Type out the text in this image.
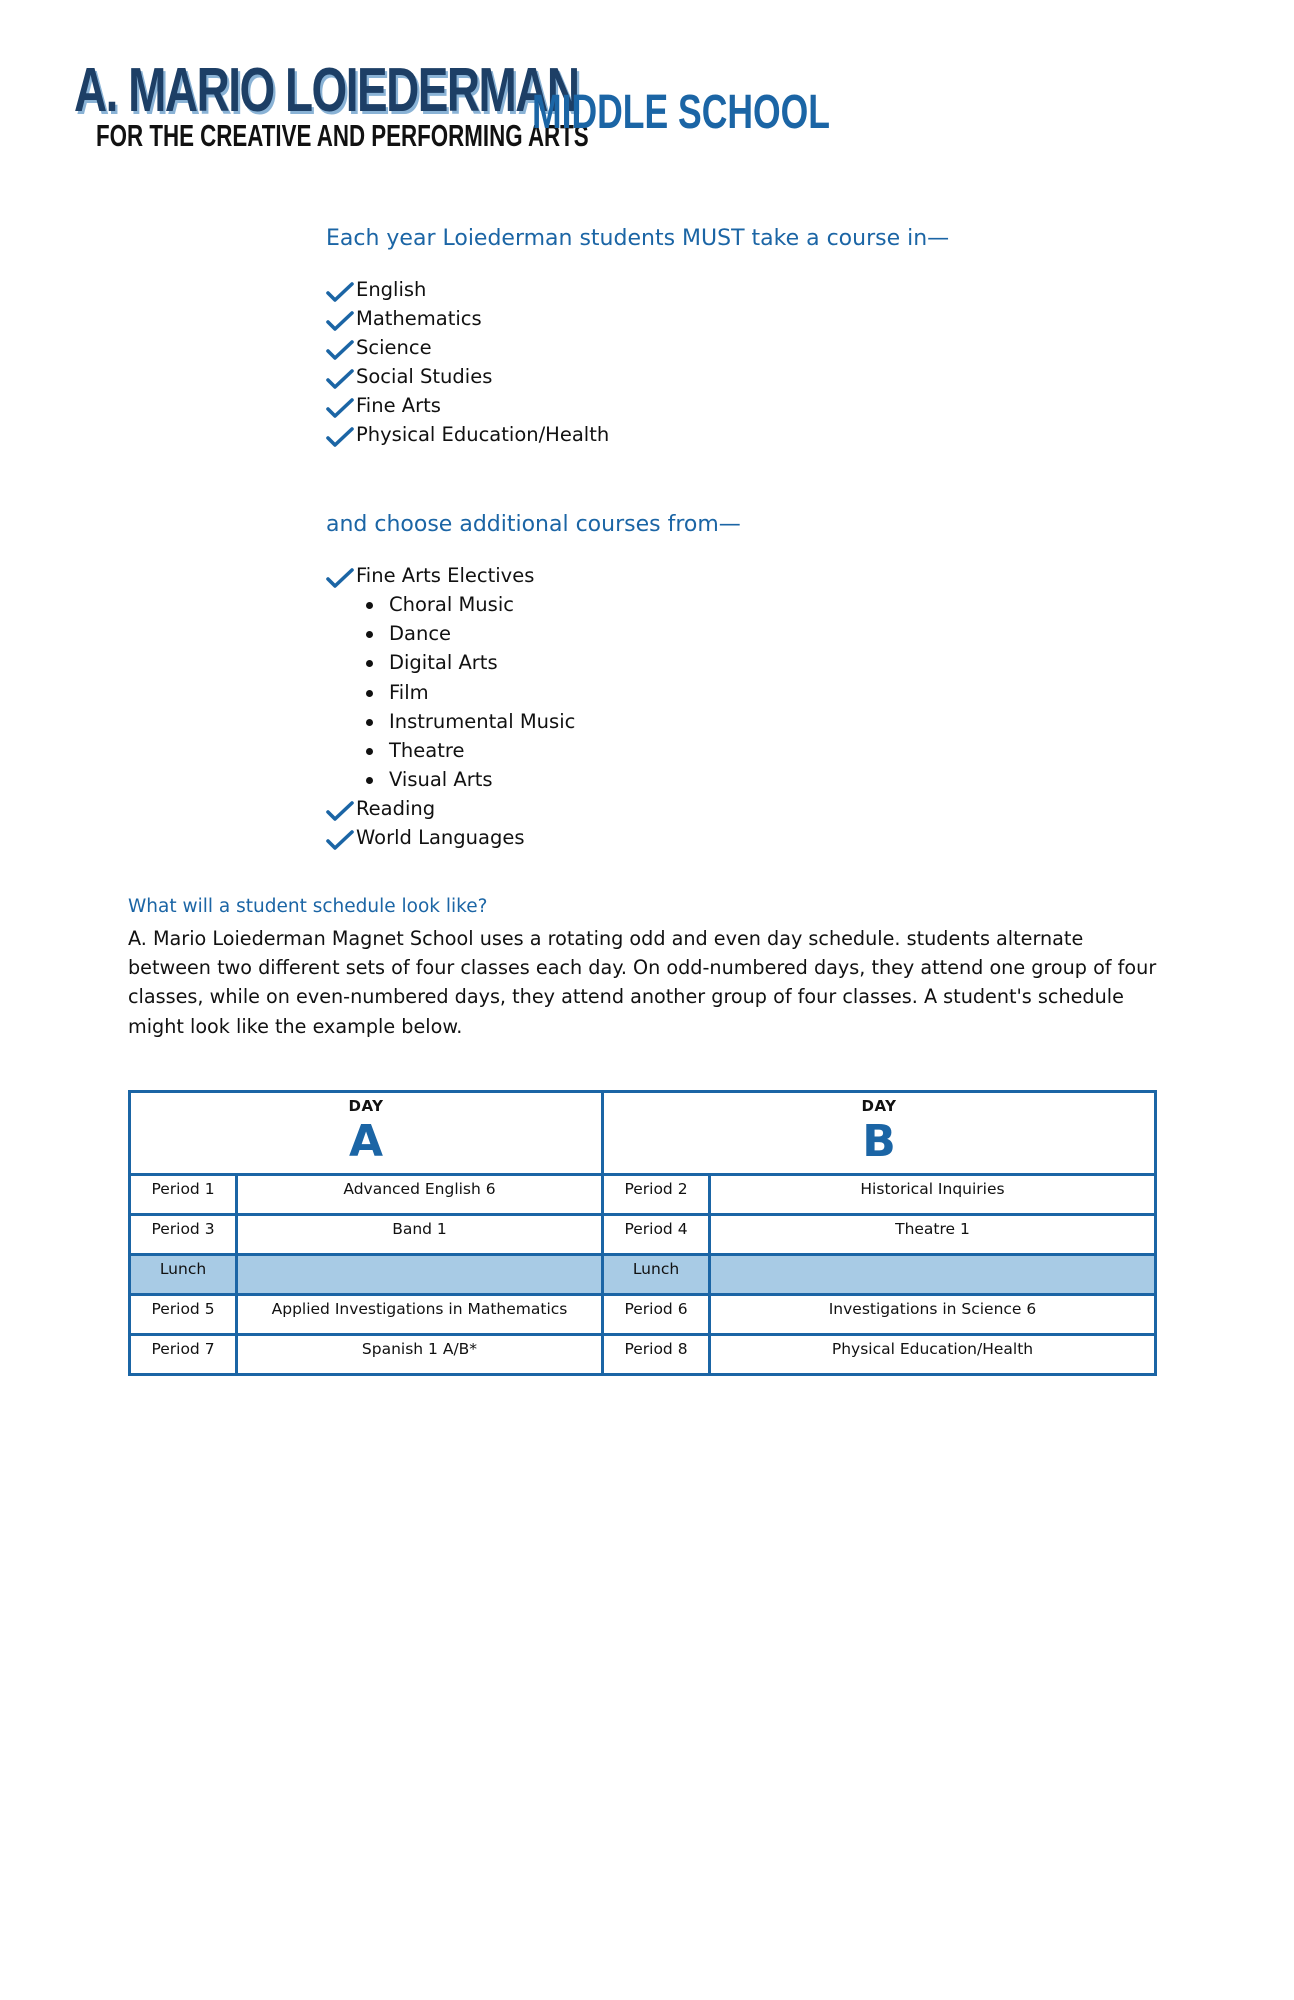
A. MARIO LOIEDERMAN
FOR THE CREATIVE AND PERFORMING ARTS
MIDDLE SCHOOL
Each year Loiederman students MUST take a course in—
English
Mathematics
Science
Social Studies
Fine Arts
Physical Education/Health
and choose additional courses from—
Fine Arts Electives
Choral Music
Dance
Digital Arts
Film
Instrumental Music
Theatre
Visual Arts
Reading
World Languages
What will a student schedule look like?

A. Mario Loiederman Magnet School uses a rotating odd and even day schedule. students alternate between two different sets of four classes each day. On odd-numbered days, they attend one group of four classes, while on even-numbered days, they attend another group of four classes. A student's schedule might look like the example below.

DAY
A		DAY
B	

Period 1	Advanced English 6	Period 2	Historical Inquiries
Period 3	Band 1	Period 4	Theatre 1
Lunch		Lunch	
Period 5	Applied Investigations in Mathematics	Period 6	Investigations in Science 6
Period 7	Spanish 1 A/B*	Period 8	Physical Education/Health
